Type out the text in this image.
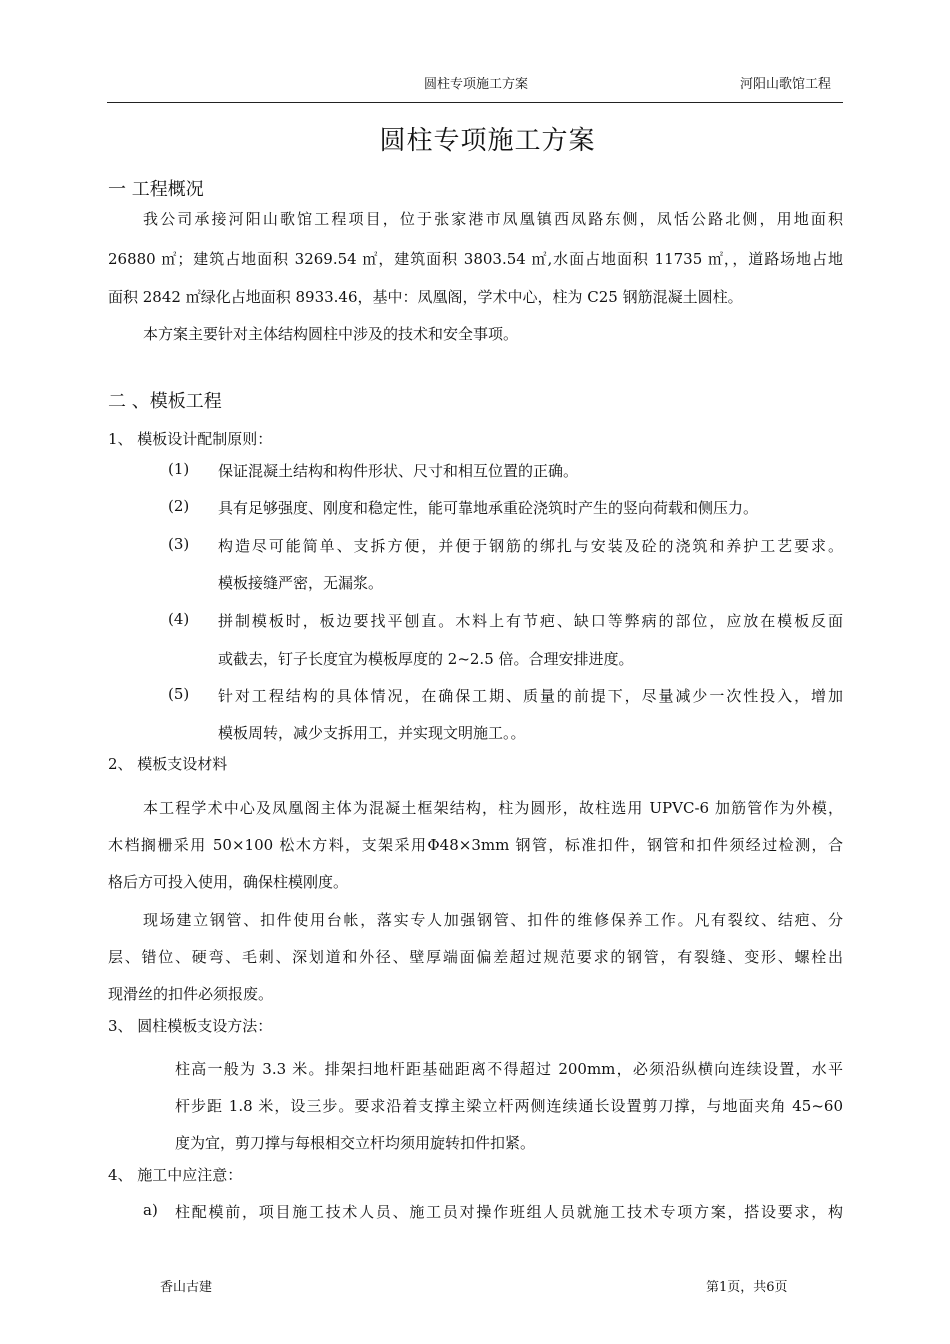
圆柱专项施工方案	河阳山歌馆工程
圆柱专项施工方案
一 工程概况
我公司承接河阳山歌馆工程项目，位于张家港市凤凰镇西凤路东侧，凤恬公路北侧，用地面积
26880 ㎡；建筑占地面积 3269.54 ㎡，建筑面积 3803.54 ㎡,水面占地面积 11735 ㎡，，道路场地占地
面积 2842 ㎡绿化占地面积 8933.46，基中：凤凰阁，学术中心，柱为 C25 钢筋混凝土圆柱。
本方案主要针对主体结构圆柱中涉及的技术和安全事项。
二 、模板工程
1、 模板设计配制原则：
(1) 保证混凝土结构和构件形状、尺寸和相互位置的正确。
(2) 具有足够强度、刚度和稳定性，能可靠地承重砼浇筑时产生的竖向荷载和侧压力。
(3) 构造尽可能简单、支拆方便，并便于钢筋的绑扎与安装及砼的浇筑和养护工艺要求。
模板接缝严密，无漏浆。
(4) 拼制模板时，板边要找平刨直。木料上有节疤、缺口等弊病的部位，应放在模板反面
或截去，钉子长度宜为模板厚度的 2~2.5 倍。合理安排进度。
(5) 针对工程结构的具体情况，在确保工期、质量的前提下，尽量减少一次性投入，增加
模板周转，减少支拆用工，并实现文明施工。。
2、 模板支设材料
本工程学术中心及凤凰阁主体为混凝土框架结构，柱为圆形，故柱选用 UPVC-6 加筋管作为外模，
木档搁栅采用 50×100 松木方料，支架采用Φ48×3mm 钢管，标准扣件，钢管和扣件须经过检测，合
格后方可投入使用，确保柱模刚度。
现场建立钢管、扣件使用台帐，落实专人加强钢管、扣件的维修保养工作。凡有裂纹、结疤、分
层、错位、硬弯、毛刺、深划道和外径、壁厚端面偏差超过规范要求的钢管，有裂缝、变形、螺栓出
现滑丝的扣件必须报废。
3、 圆柱模板支设方法：
柱高一般为 3.3 米。排架扫地杆距基础距离不得超过 200mm，必须沿纵横向连续设置，水平
杆步距 1.8 米，设三步。要求沿着支撑主梁立杆两侧连续通长设置剪刀撑，与地面夹角 45~60
度为宜，剪刀撑与每根相交立杆均须用旋转扣件扣紧。
4、 施工中应注意：
a) 柱配模前，项目施工技术人员、施工员对操作班组人员就施工技术专项方案，搭设要求，构
香山古建	第1页，共6页
